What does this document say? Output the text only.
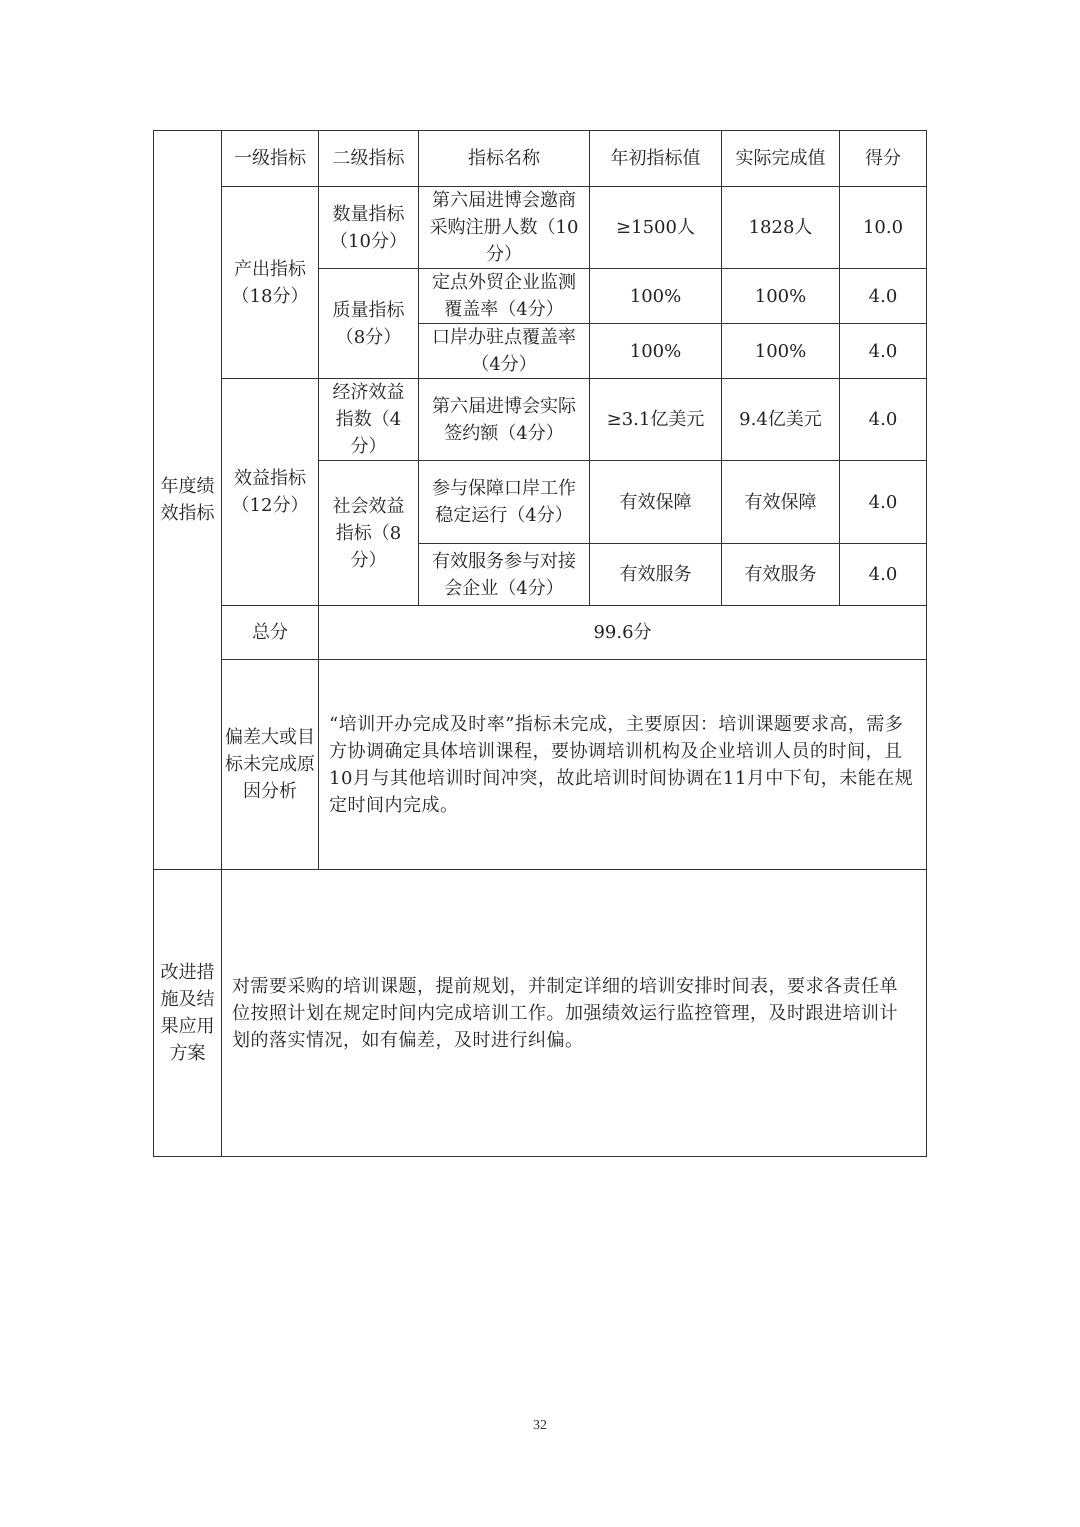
年度绩效指标	一级指标	二级指标	指标名称	年初指标值	实际完成值	得分
	产出指标（18分）	数量指标（10分）	第六届进博会邀商采购注册人数（10分）	≥1500人	1828人	10.0
		质量指标（8分）	定点外贸企业监测覆盖率（4分）	100%	100%	4.0
			口岸办驻点覆盖率（4分）	100%	100%	4.0
	效益指标（12分）	经济效益指数（4分）	第六届进博会实际签约额（4分）	≥3.1亿美元	9.4亿美元	4.0
		社会效益指标（8分）	参与保障口岸工作稳定运行（4分）	有效保障	有效保障	4.0
			有效服务参与对接会企业（4分）	有效服务	有效服务	4.0
	总分	99.6分				
	偏差大或目标未完成原因分析	“培训开办完成及时率”指标未完成，主要原因：培训课题要求高，需多方协调确定具体培训课程，要协调培训机构及企业培训人员的时间，且10月与其他培训时间冲突，故此培训时间协调在11月中下旬，未能在规定时间内完成。				
改进措施及结果应用方案	对需要采购的培训课题，提前规划，并制定详细的培训安排时间表，要求各责任单位按照计划在规定时间内完成培训工作。加强绩效运行监控管理，及时跟进培训计划的落实情况，如有偏差，及时进行纠偏。					
32
